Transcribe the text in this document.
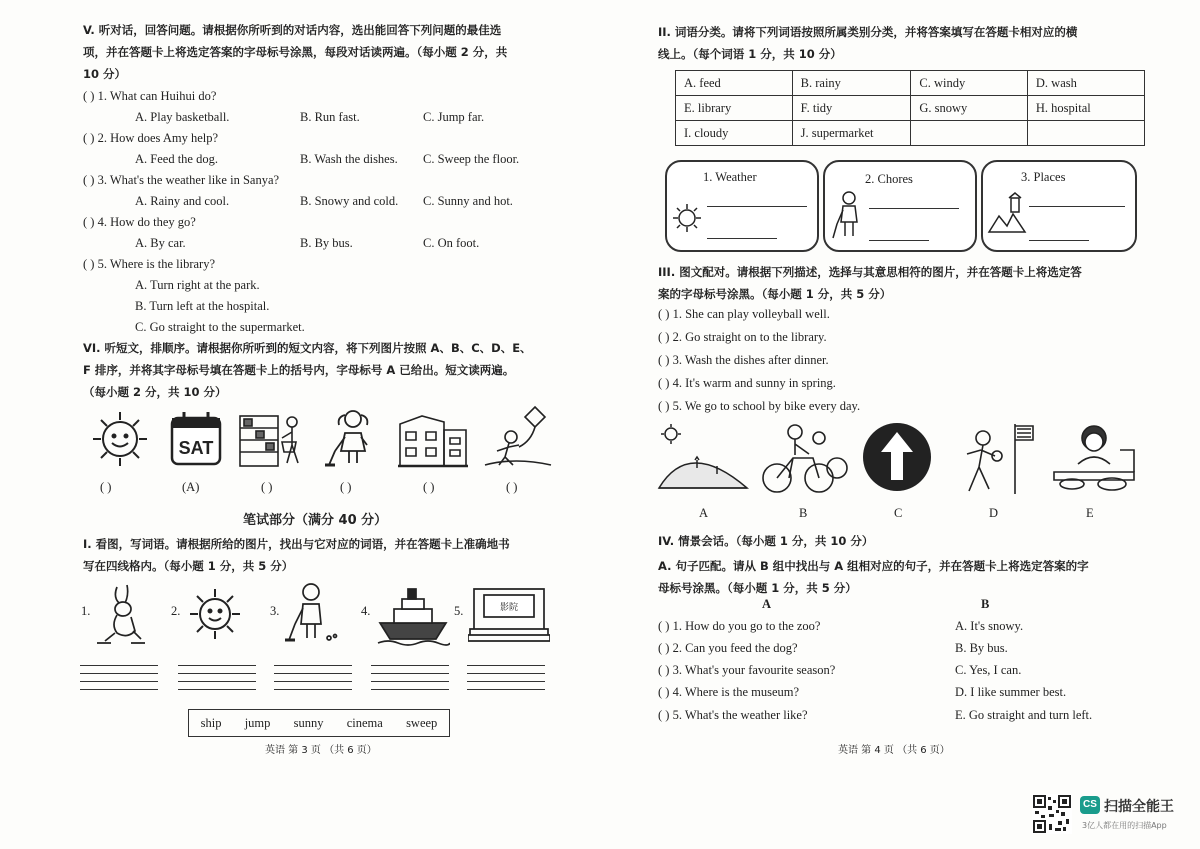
V. 听对话，回答问题。请根据你所听到的对话内容，选出能回答下列问题的最佳选
项，并在答题卡上将选定答案的字母标号涂黑，每段对话读两遍。（每小题 2 分，共
10 分）
( ) 1. What can Huihui do?
A. Play basketball.	B. Run fast.	C. Jump far.
( ) 2. How does Amy help?
A. Feed the dog.	B. Wash the dishes. C. Sweep the floor.
( ) 3. What's the weather like in Sanya?
A. Rainy and cool.	B. Snowy and cold. C. Sunny and hot.
( ) 4. How do they go?
A. By car.	B. By bus.	C. On foot.
( ) 5. Where is the library?
A. Turn right at the park.
B. Turn left at the hospital.
C. Go straight to the supermarket.
VI. 听短文，排顺序。请根据你所听到的短文内容，将下列图片按照 A、B、C、D、E、
F 排序，并将其字母标号填在答题卡上的括号内，字母标号 A 已给出。短文读两遍。
（每小题 2 分，共 10 分）
SAT
( )	(A)	( )	( )	( )	( )
笔试部分（满分 40 分）
I. 看图，写词语。请根据所给的图片，找出与它对应的词语，并在答题卡上准确地书
写在四线格内。（每小题 1 分，共 5 分）
1.	2.	3.	4.	5.	影院
ship jump sunny cinema sweep
英语 第 3 页 （共 6 页）
II. 词语分类。请将下列词语按照所属类别分类，并将答案填写在答题卡相对应的横
线上。（每个词语 1 分，共 10 分）
A. feed	B. rainy	C. windy	D. wash
E. library	F. tidy	G. snowy	H. hospital
I. cloudy	J. supermarket		
1. Weather	2. Chores	3. Places
III. 图文配对。请根据下列描述，选择与其意思相符的图片，并在答题卡上将选定答
案的字母标号涂黑。（每小题 1 分，共 5 分）
( ) 1. She can play volleyball well.
( ) 2. Go straight on to the library.
( ) 3. Wash the dishes after dinner.
( ) 4. It's warm and sunny in spring.
( ) 5. We go to school by bike every day.
A	B	C	D	E
IV. 情景会话。（每小题 1 分，共 10 分）
A. 句子匹配。请从 B 组中找出与 A 组相对应的句子，并在答题卡上将选定答案的字
母标号涂黑。（每小题 1 分，共 5 分）
A	B
( ) 1. How do you go to the zoo?	A. It's snowy.
( ) 2. Can you feed the dog?	B. By bus.
( ) 3. What's your favourite season?	C. Yes, I can.
( ) 4. Where is the museum?	D. I like summer best.
( ) 5. What's the weather like?	E. Go straight and turn left.
英语 第 4 页 （共 6 页）
CS 扫描全能王
3亿人都在用的扫描App
